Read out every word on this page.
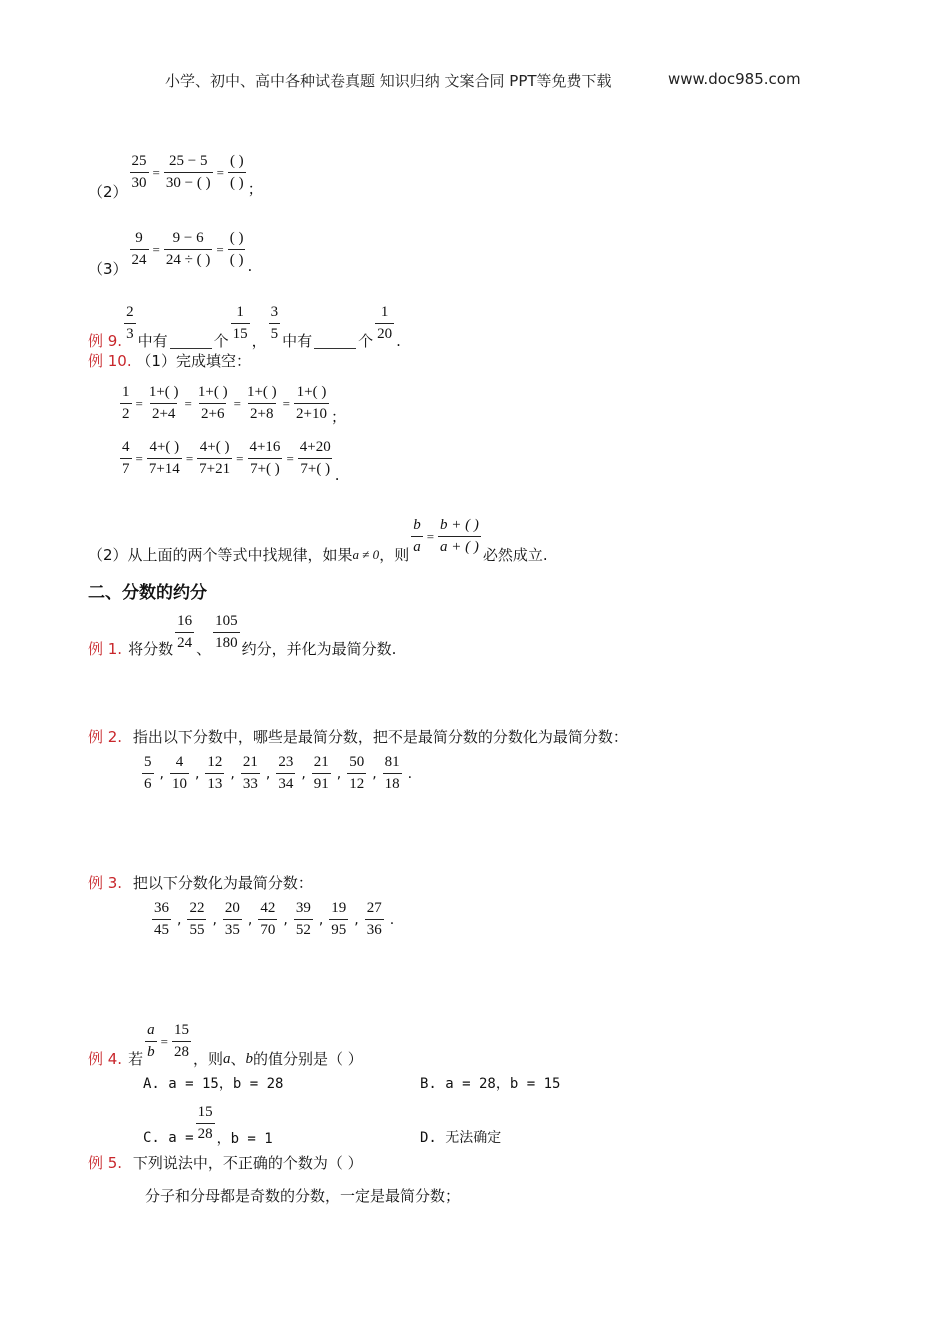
小学、初中、高中各种试卷真题 知识归纳 文案合同 PPT等免费下载	www.doc985.com
（2）
$\frac{25}{30} = \frac{25 - 5}{30 - ( )}$ =
( )
( ) ；
（3）
$\frac{9}{24} = \frac{9 - 6}{24 \div ( )}$ =
( )
( ) .
例 9.
2
3 中有	个
1
15 ，
3
5 中有	个
1
20 .
例 10. （1）完成填空：
$\frac{1}{2} = \frac{1+( )}{2+4} = \frac{1+( )}{2+6} = \frac{1+( )}{2+8} = \frac{1+( )}{2+10}$ ；
$\frac{4}{7} = \frac{4+( )}{7+14} = \frac{4+( )}{7+21} = \frac{4+16}{7+( )} = \frac{4+20}{7+( )}$ .
（2）从上面的两个等式中找规律，如果 a ≠ 0 ，则 $\frac{b}{a} = \frac{b + ( )}{a + ( )}$ 必然成立.
二、分数的约分
例 1. 将分数
16
24 、
105
180 约分，并化为最简分数.
例 2. 指出以下分数中，哪些是最简分数，把不是最简分数的分数化为最简分数：
5
6
,
4
10
,
12
13
,
21
33
,
23
34
,
21
91
,
50
12
,
81
18
.
例 3. 把以下分数化为最简分数：
36
45
,
22
55
,
20
35
,
42
70
,
39
52
,
19
95
,
27
36
.
例 4. 若 $\frac{a}{b} = \frac{15}{28}$ ，则 a 、 b 的值分别是（ ）
A. a = 15，b = 28	B. a = 28，b = 15
C. $a = \frac{15}{28}$ ，b = 1	D. 无法确定
例 5. 下列说法中，不正确的个数为（ ）
分子和分母都是奇数的分数，一定是最简分数；
